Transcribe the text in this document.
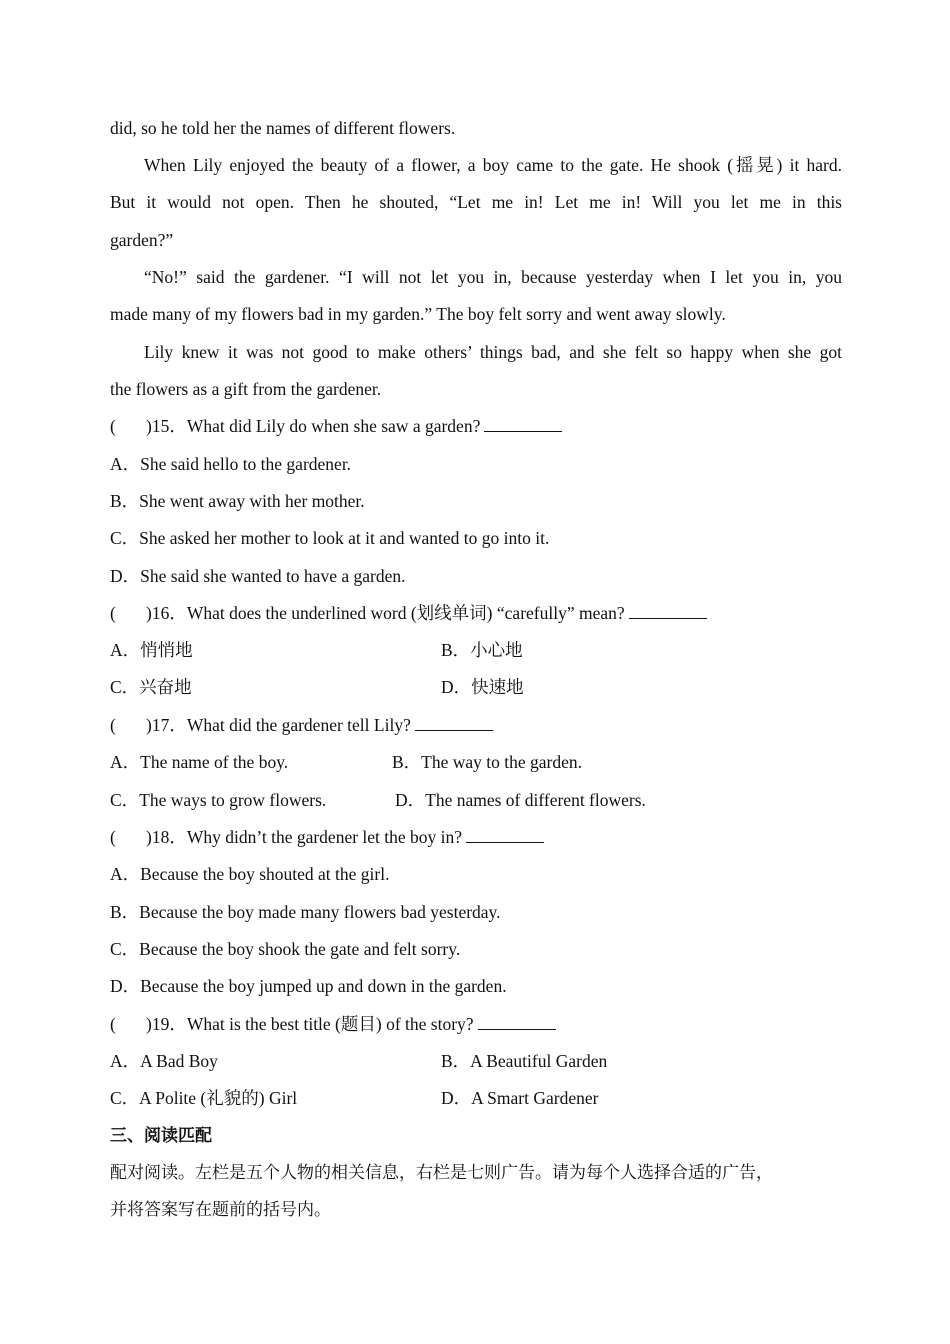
did, so he told her the names of different flowers.
When Lily enjoyed the beauty of a flower, a boy came to the gate. He shook (摇晃) it hard.
But it would not open. Then he shouted, “Let me in! Let me in! Will you let me in this
garden?”
“No!” said the gardener. “I will not let you in, because yesterday when I let you in, you
made many of my flowers bad in my garden.” The boy felt sorry and went away slowly.
Lily knew it was not good to make others’ things bad, and she felt so happy when she got
the flowers as a gift from the gardener.
( )15．What did Lily do when she saw a garden?
A．She said hello to the gardener.
B．She went away with her mother.
C．She asked her mother to look at it and wanted to go into it.
D．She said she wanted to have a garden.
( )16．What does the underlined word (划线单词) “carefully” mean?
A．悄悄地	B．小心地
C．兴奋地	D．快速地
( )17．What did the gardener tell Lily?
A．The name of the boy.	B．The way to the garden.
C．The ways to grow flowers.	D．The names of different flowers.
( )18．Why didn’t the gardener let the boy in?
A．Because the boy shouted at the girl.
B．Because the boy made many flowers bad yesterday.
C．Because the boy shook the gate and felt sorry.
D．Because the boy jumped up and down in the garden.
( )19．What is the best title (题目) of the story?
A．A Bad Boy	B．A Beautiful Garden
C．A Polite (礼貌的) Girl	D．A Smart Gardener
三、阅读匹配
配对阅读。左栏是五个人物的相关信息，右栏是七则广告。请为每个人选择合适的广告，
并将答案写在题前的括号内。
